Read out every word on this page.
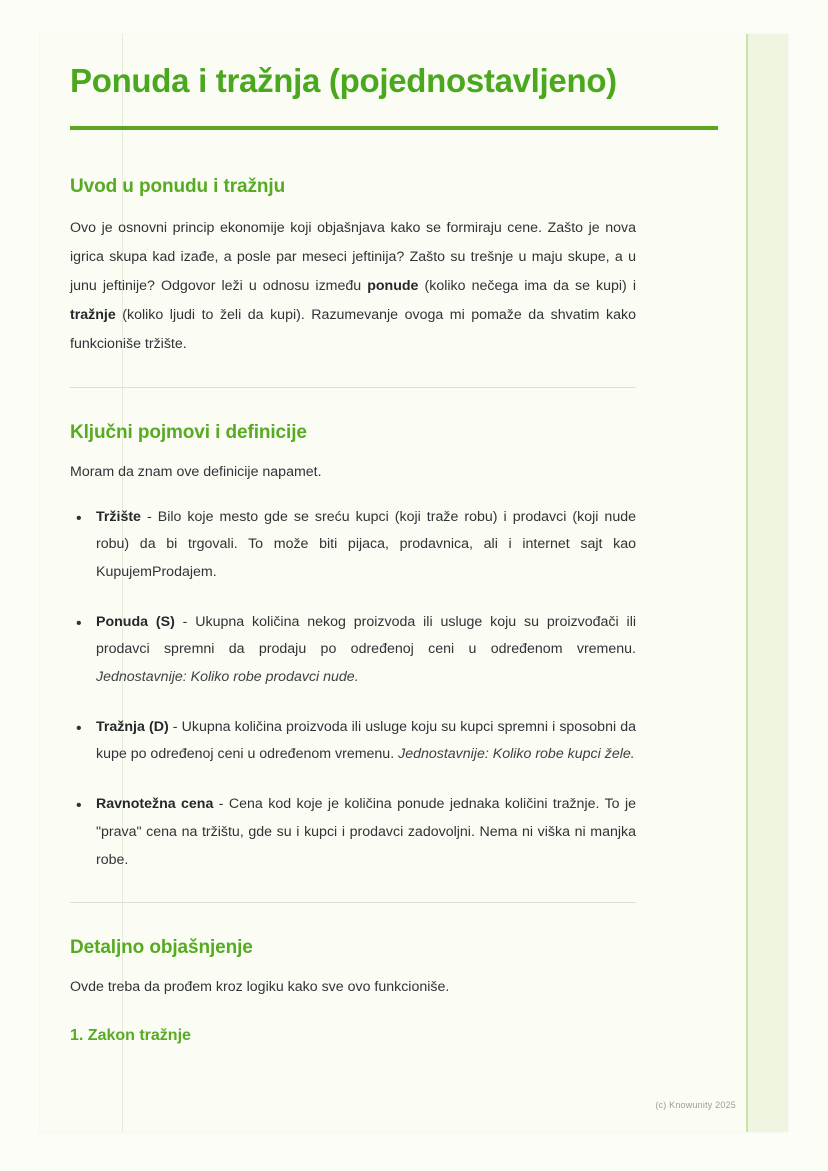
Ponuda i tražnja (pojednostavljeno)
Uvod u ponudu i tražnju

Ovo je osnovni princip ekonomije koji objašnjava kako se formiraju cene. Zašto je nova igrica skupa kad izađe, a posle par meseci jeftinija? Zašto su trešnje u maju skupe, a u junu jeftinije? Odgovor leži u odnosu između ponude (koliko nečega ima da se kupi) i tražnje (koliko ljudi to želi da kupi). Razumevanje ovoga mi pomaže da shvatim kako funkcioniše tržište.

Ključni pojmovi i definicije

Moram da znam ove definicije napamet.

• Tržište - Bilo koje mesto gde se sreću kupci (koji traže robu) i prodavci (koji nude robu) da bi trgovali. To može biti pijaca, prodavnica, ali i internet sajt kao KupujemProdajem.
• Ponuda (S) - Ukupna količina nekog proizvoda ili usluge koju su proizvođači ili prodavci spremni da prodaju po određenoj ceni u određenom vremenu. Jednostavnije: Koliko robe prodavci nude.
• Tražnja (D) - Ukupna količina proizvoda ili usluge koju su kupci spremni i sposobni da kupe po određenoj ceni u određenom vremenu. Jednostavnije: Koliko robe kupci žele.
• Ravnotežna cena - Cena kod koje je količina ponude jednaka količini tražnje. To je "prava" cena na tržištu, gde su i kupci i prodavci zadovoljni. Nema ni viška ni manjka robe.
Detaljno objašnjenje

Ovde treba da prođem kroz logiku kako sve ovo funkcioniše.

1. Zakon tražnje
(c) Knowunity 2025
